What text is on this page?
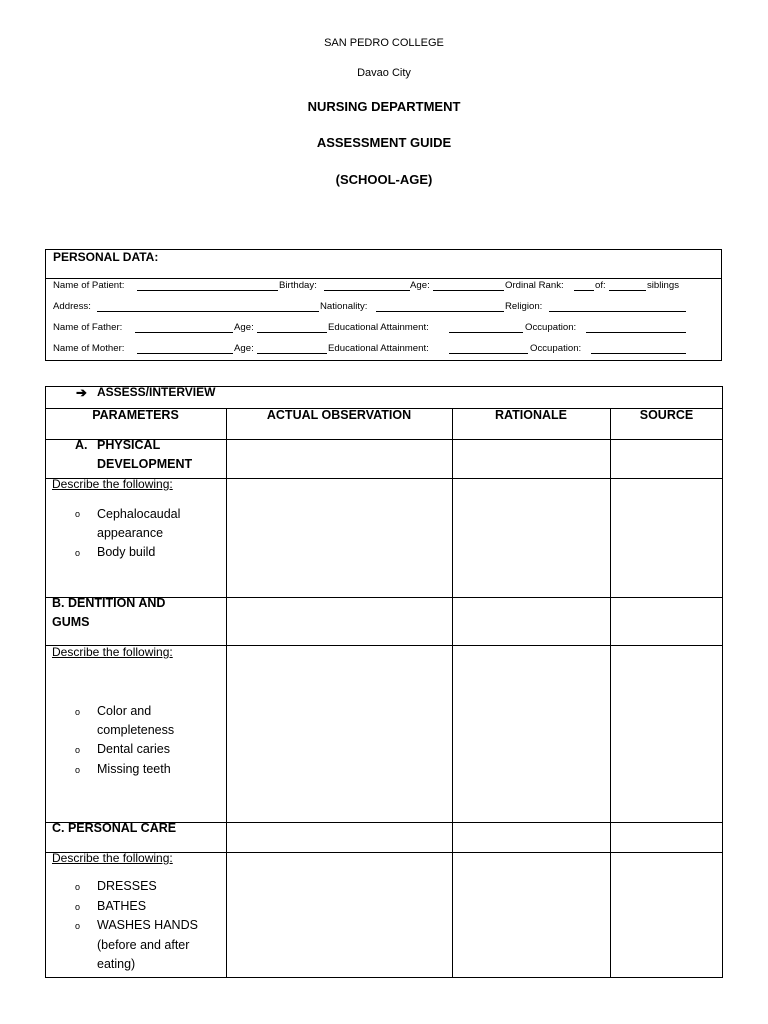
SAN PEDRO COLLEGE
Davao City
NURSING DEPARTMENT
ASSESSMENT GUIDE
(SCHOOL-AGE)
PERSONAL DATA:
Name of Patient:	Birthday:	Age:	Ordinal Rank:	of:	siblings
Address:	Nationality:	Religion:
Name of Father:	Age:	Educational Attainment:	Occupation:
Name of Mother:	Age:	Educational Attainment:	Occupation:
➔ ASSESS/INTERVIEW
PARAMETERS	ACTUAL OBSERVATION	RATIONALE	SOURCE
A. PHYSICAL
DEVELOPMENT
Describe the following:
o Cephalocaudal
appearance
o Body build
B. DENTITION AND
GUMS
Describe the following:
o Color and
completeness
o Dental caries
o Missing teeth
C. PERSONAL CARE
Describe the following:
o DRESSES
o BATHES
o WASHES HANDS
(before and after
eating)
